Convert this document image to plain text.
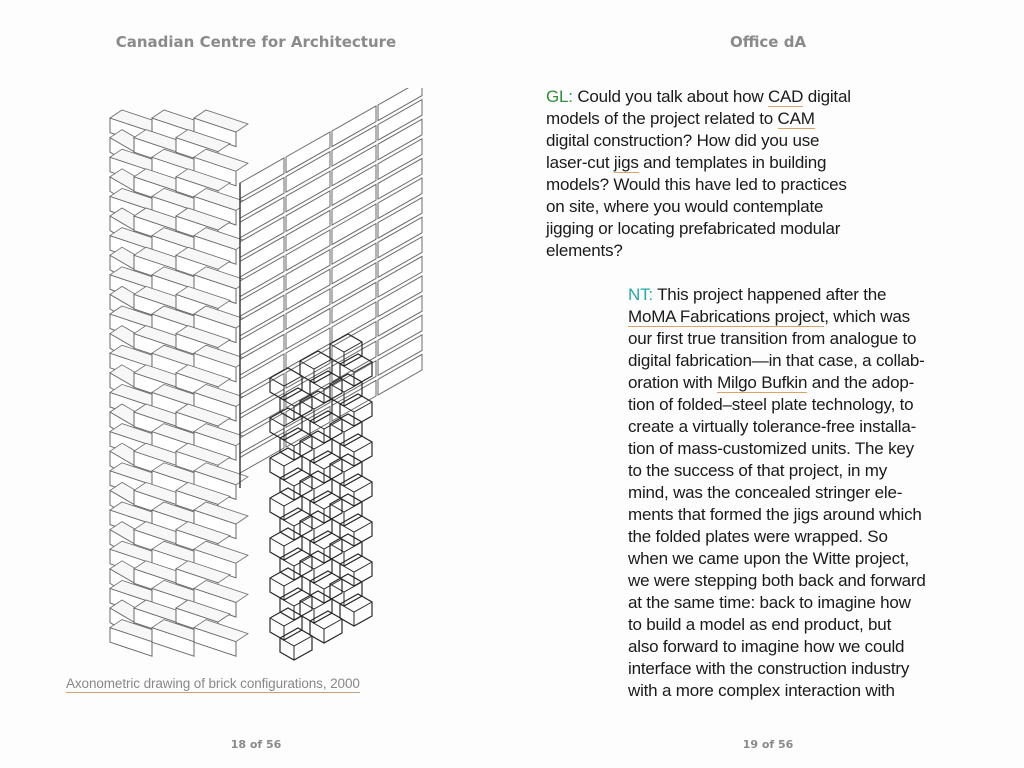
Canadian Centre for Architecture
Axonometric drawing of brick configurations, 2000
18 of 56
Office dA
GL: Could you talk about how CAD digital
models of the project related to CAM
digital construction? How did you use
laser-cut jigs and templates in building
models? Would this have led to practices
on site, where you would contemplate
jigging or locating prefabricated modular
elements?
NT: This project happened after the
MoMA Fabrications project, which was
our first true transition from analogue to
digital fabrication—in that case, a collab-
oration with Milgo Bufkin and the adop-
tion of folded–steel plate technology, to
create a virtually tolerance-free installa-
tion of mass-customized units. The key
to the success of that project, in my
mind, was the concealed stringer ele-
ments that formed the jigs around which
the folded plates were wrapped. So
when we came upon the Witte project,
we were stepping both back and forward
at the same time: back to imagine how
to build a model as end product, but
also forward to imagine how we could
interface with the construction industry
with a more complex interaction with
19 of 56
